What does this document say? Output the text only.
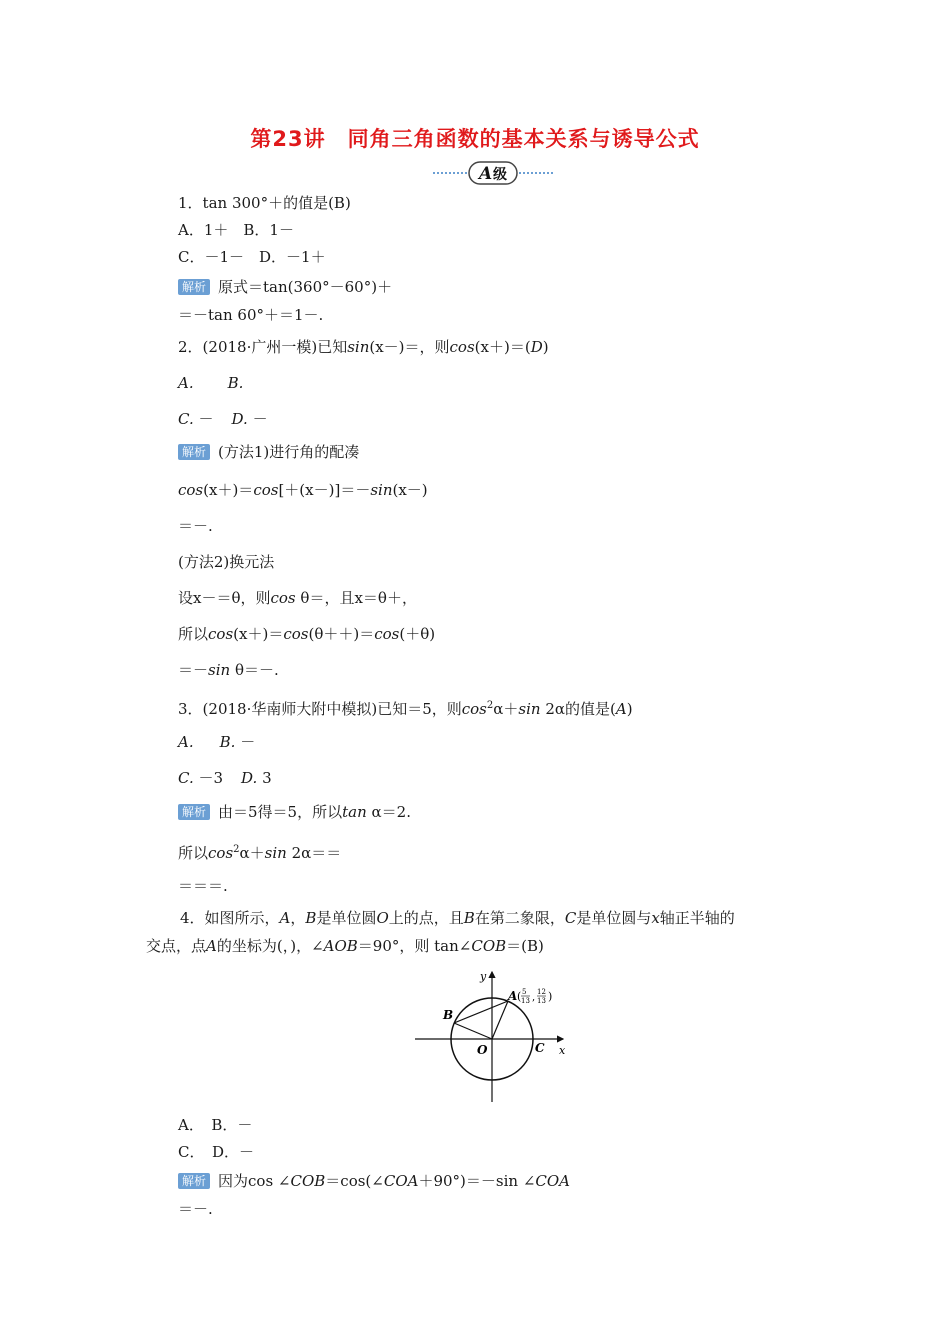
第23讲　同角三角函数的基本关系与诱导公式
A 级
1．tan 300°＋的值是(B)
A．1＋　B．1－
C．－1－　D．－1＋
解析 原式＝tan(360°－60°)＋
＝－tan 60°＋＝1－.
2．(2018·广州一模)已知sin(x－)＝，则cos(x＋)＝(D)
A. B.
C. － D. －
解析 (方法1)进行角的配凑
cos(x＋)＝cos[＋(x－)]＝－sin(x－)
＝－.
(方法2)换元法
设x－＝θ，则cos θ＝，且x＝θ＋，
所以cos(x＋)＝cos(θ＋＋)＝cos(＋θ)
＝－sin θ＝－.
3．(2018·华南师大附中模拟)已知＝5，则$\cos^2\alpha+\sin$ 2α的值是(A)
A. B. －
C. －3 D. 3
解析 由＝5得＝5，所以tan α＝2.
所以$\cos^2\alpha+\sin$ 2α＝＝
＝＝＝.
4．如图所示，A，B是单位圆O上的点，且B在第二象限，C是单位圆与x轴正半轴的
交点，点A的坐标为(，)，∠AOB＝90°，则 tan∠COB＝(B)
y
x
O	C
B
A ( 5
13 , 12
13 )
A．　B．－
C．　D．－
解析 因为cos ∠COB＝cos(∠COA＋90°)＝－sin ∠COA
＝－.
